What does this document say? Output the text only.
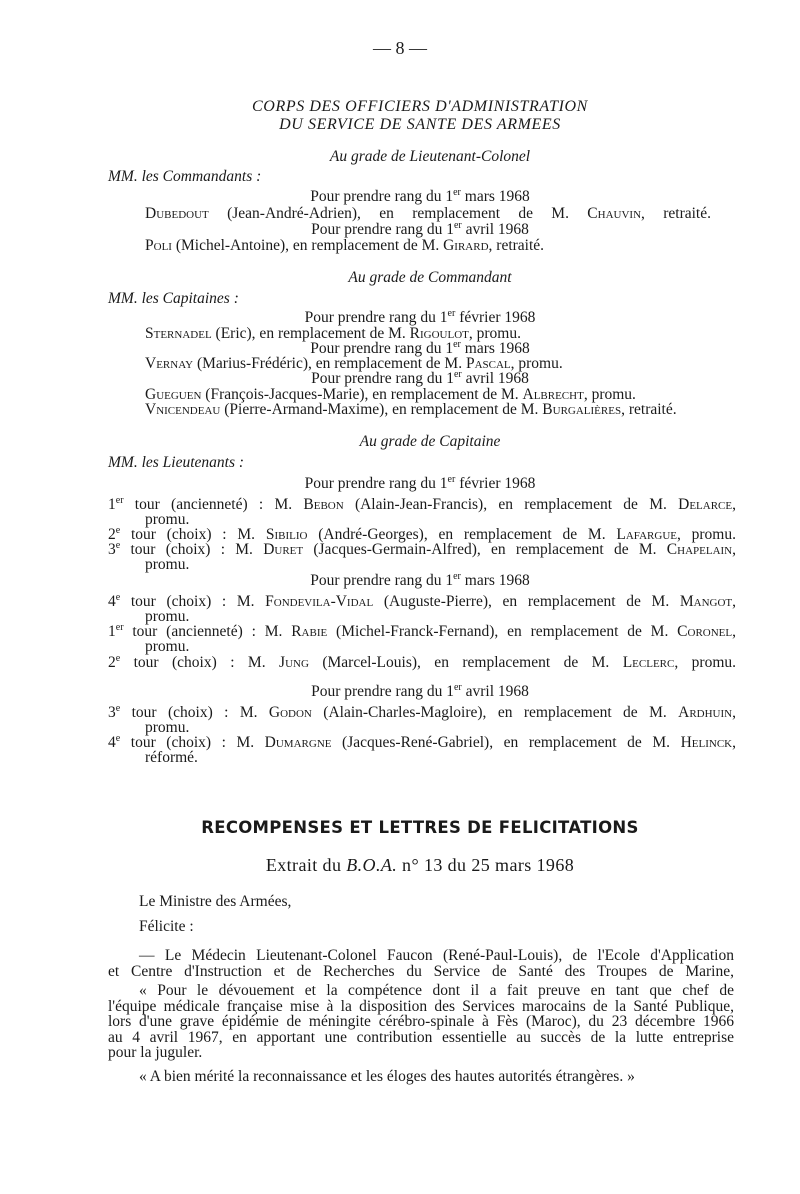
— 8 —
CORPS DES OFFICIERS D'ADMINISTRATION
DU SERVICE DE SANTE DES ARMEES
Au grade de Lieutenant-Colonel
MM. les Commandants :
Pour prendre rang du 1er mars 1968
Dubedout (Jean-André-Adrien), en remplacement de M. Chauvin, retraité.
Pour prendre rang du 1er avril 1968
Poli (Michel-Antoine), en remplacement de M. Girard, retraité.
Au grade de Commandant
MM. les Capitaines :
Pour prendre rang du 1er février 1968
Sternadel (Eric), en remplacement de M. Rigoulot, promu.
Pour prendre rang du 1er mars 1968
Vernay (Marius-Frédéric), en remplacement de M. Pascal, promu.
Pour prendre rang du 1er avril 1968
Gueguen (François-Jacques-Marie), en remplacement de M. Albrecht, promu.
Vnicendeau (Pierre-Armand-Maxime), en remplacement de M. Burgalières, retraité.
Au grade de Capitaine
MM. les Lieutenants :
Pour prendre rang du 1er février 1968
1er tour (ancienneté) : M. Bebon (Alain-Jean-Francis), en remplacement de M. Delarce,
promu.
2e tour (choix) : M. Sibilio (André-Georges), en remplacement de M. Lafargue, promu.
3e tour (choix) : M. Duret (Jacques-Germain-Alfred), en remplacement de M. Chapelain,
promu.
Pour prendre rang du 1er mars 1968
4e tour (choix) : M. Fondevila-Vidal (Auguste-Pierre), en remplacement de M. Mangot,
promu.
1er tour (ancienneté) : M. Rabie (Michel-Franck-Fernand), en remplacement de M. Coronel,
promu.
2e tour (choix) : M. Jung (Marcel-Louis), en remplacement de M. Leclerc, promu.
Pour prendre rang du 1er avril 1968
3e tour (choix) : M. Godon (Alain-Charles-Magloire), en remplacement de M. Ardhuin,
promu.
4e tour (choix) : M. Dumargne (Jacques-René-Gabriel), en remplacement de M. Helinck,
réformé.
RECOMPENSES ET LETTRES DE FELICITATIONS
Extrait du B.O.A. n° 13 du 25 mars 1968
Le Ministre des Armées,
Félicite :
— Le Médecin Lieutenant-Colonel Faucon (René-Paul-Louis), de l'Ecole d'Application
et Centre d'Instruction et de Recherches du Service de Santé des Troupes de Marine,
« Pour le dévouement et la compétence dont il a fait preuve en tant que chef de
l'équipe médicale française mise à la disposition des Services marocains de la Santé Publique,
lors d'une grave épidémie de méningite cérébro-spinale à Fès (Maroc), du 23 décembre 1966
au 4 avril 1967, en apportant une contribution essentielle au succès de la lutte entreprise
pour la juguler.
« A bien mérité la reconnaissance et les éloges des hautes autorités étrangères. »
